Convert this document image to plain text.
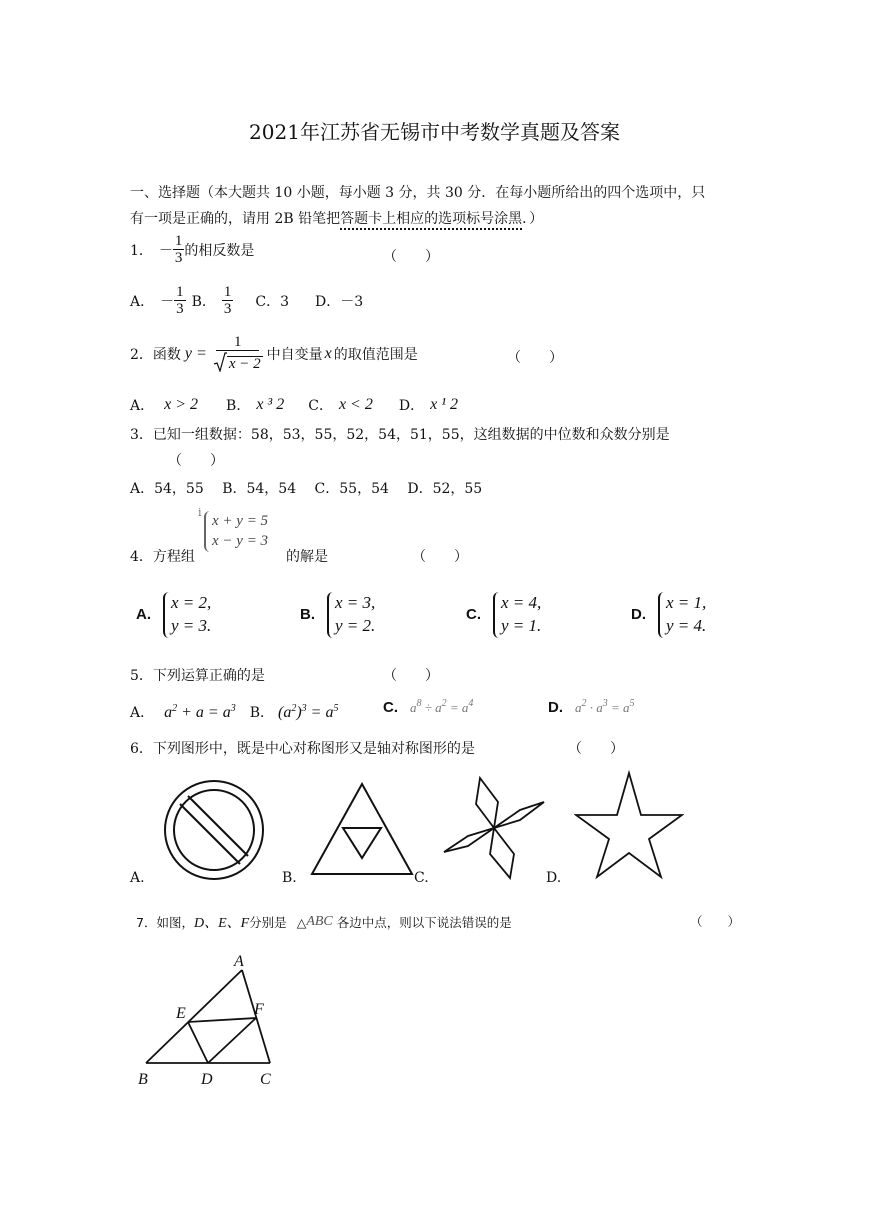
2021年江苏省无锡市中考数学真题及答案
一、选择题（本大题共 10 小题，每小题 3 分，共 30 分．在每小题所给出的四个选项中，只
有一项是正确的，请用 2B 铅笔把答题卡上相应的选项标号涂黑．）
1． － $\frac{1}{3}$ 的相反数是	（　　）
A． － $\frac{1}{3}$ B． $\frac{1}{3}$ C．3 D．－3
2．函数 $y = \frac{1}{x - 2}$ 中自变量 x 的取值范围是	（　　）
A． x > 2 B． x ³ 2 C． x < 2 D． x ¹ 2
3．已知一组数据：58，53，55，52，54，51，55，这组数据的中位数和众数分别是
（　　）
A．54，55　 B．54，54　 C．55，54　 D．52，55
i
x + y = 5
x − y = 3
4．方程组	的解是	（　　）
A.
x = 2,
y = 3.
B.
x = 3,
y = 2.
C.
x = 4,
y = 1.
D.
x = 1,
y = 4.
5．下列运算正确的是	（　　）
A． $a^2 + a = a^3$ B． $(a^2)^3 = a^5$	C. $a^8 \div a^2 = a^4$	D. $a^2 \cdot a^3 = a^5$
6．下列图形中，既是中心对称图形又是轴对称图形的是	（　　）
A.	B.	C.	D.
7．如图， D、E、F 分别是 △ ABC 各边中点，则以下说法错误的是	（　　）
A
B	C
D
E	F
